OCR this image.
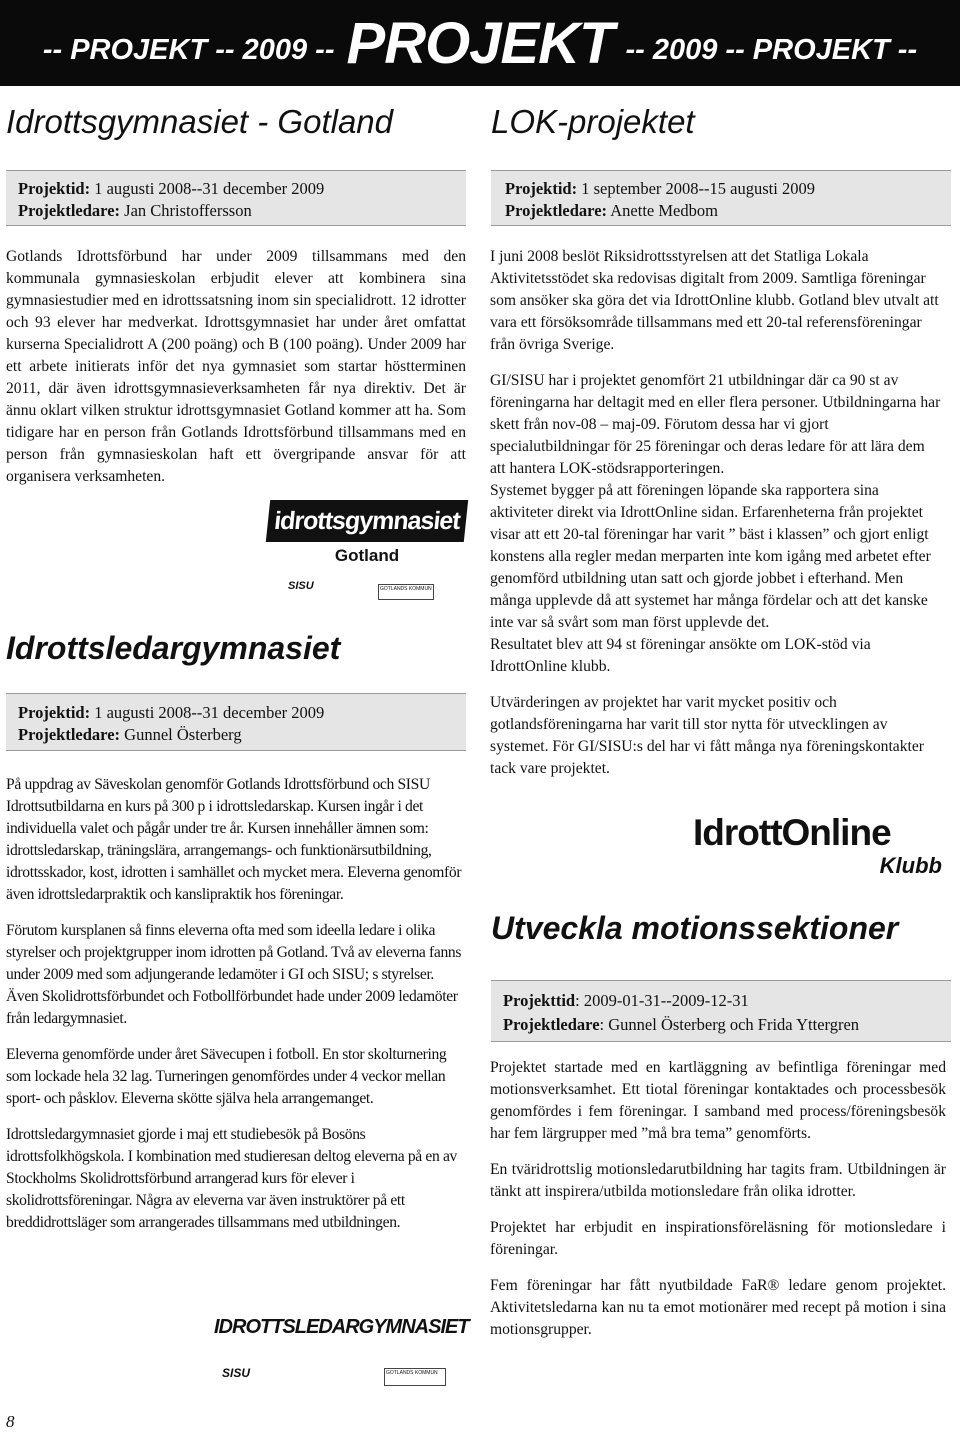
-- PROJEKT -- 2009 -- PROJEKT -- 2009 -- PROJEKT --
Idrottsgymnasiet - Gotland
Projektid: 1 augusti 2008--31 december 2009
Projektledare: Jan Christoffersson

Gotlands Idrottsförbund har under 2009 tillsammans med den kommunala gymnasieskolan erbjudit elever att kombinera sina gymnasiestudier med en idrottssatsning inom sin specialidrott. 12 idrotter och 93 elever har medverkat. Idrottsgymnasiet har under året omfattat kurserna Specialidrott A (200 poäng) och B (100 poäng). Under 2009 har ett arbete initierats inför det nya gymnasiet som startar höstterminen 2011, där även idrottsgymnasieverksamheten får nya direktiv. Det är ännu oklart vilken struktur idrottsgymnasiet Gotland kommer att ha. Som tidigare har en person från Gotlands Idrottsförbund tillsammans med en person från gymnasieskolan haft ett övergripande ansvar för att organisera verksamheten.

idrottsgymnasiet
Gotland
SISU	GOTLANDS KOMMUN
Idrottsledargymnasiet
Projektid: 1 augusti 2008--31 december 2009
Projektledare: Gunnel Österberg

På uppdrag av Säveskolan genomför Gotlands Idrottsförbund och SISU Idrottsutbildarna en kurs på 300 p i idrottsledarskap. Kursen ingår i det individuella valet och pågår under tre år. Kursen innehåller ämnen som: idrottsledarskap, träningslära, arrangemangs- och funktionärsutbildning, idrottsskador, kost, idrotten i samhället och mycket mera. Eleverna genomför även idrottsledarpraktik och kanslipraktik hos föreningar.

Förutom kursplanen så finns eleverna ofta med som ideella ledare i olika styrelser och projektgrupper inom idrotten på Gotland. Två av eleverna fanns under 2009 med som adjungerande ledamöter i GI och SISU; s styrelser. Även Skolidrottsförbundet och Fotbollförbundet hade under 2009 ledamöter från ledargymnasiet.

Eleverna genomförde under året Sävecupen i fotboll. En stor skolturnering som lockade hela 32 lag. Turneringen genomfördes under 4 veckor mellan sport- och påsklov. Eleverna skötte själva hela arrangemanget.

Idrottsledargymnasiet gjorde i maj ett studiebesök på Bosöns idrottsfolkhögskola. I kombination med studieresan deltog eleverna på en av Stockholms Skolidrottsförbund arrangerad kurs för elever i skolidrottsföreningar. Några av eleverna var även instruktörer på ett breddidrottsläger som arrangerades tillsammans med utbildningen.

IDROTTSLEDARGYMNASIET
SISU	GOTLANDS KOMMUN
LOK-projektet
Projektid: 1 september 2008--15 augusti 2009
Projektledare: Anette Medbom

I juni 2008 beslöt Riksidrottsstyrelsen att det Statliga Lokala Aktivitetsstödet ska redovisas digitalt from 2009. Samtliga föreningar som ansöker ska göra det via IdrottOnline klubb. Gotland blev utvalt att vara ett försöksområde tillsammans med ett 20-tal referensföreningar från övriga Sverige.

GI/SISU har i projektet genomfört 21 utbildningar där ca 90 st av föreningarna har deltagit med en eller flera personer. Utbildningarna har skett från nov-08 – maj-09. Förutom dessa har vi gjort specialutbildningar för 25 föreningar och deras ledare för att lära dem att hantera LOK-stödsrapporteringen.
Systemet bygger på att föreningen löpande ska rapportera sina aktiviteter direkt via IdrottOnline sidan. Erfarenheterna från projektet visar att ett 20-tal föreningar har varit ” bäst i klassen” och gjort enligt konstens alla regler medan merparten inte kom igång med arbetet efter genomförd utbildning utan satt och gjorde jobbet i efterhand. Men många upplevde då att systemet har många fördelar och att det kanske inte var så svårt som man först upplevde det.
Resultatet blev att 94 st föreningar ansökte om LOK-stöd via IdrottOnline klubb.

Utvärderingen av projektet har varit mycket positiv och gotlandsföreningarna har varit till stor nytta för utvecklingen av systemet. För GI/SISU:s del har vi fått många nya föreningskontakter tack vare projektet.

IdrottOnline
Klubb
Utveckla motionssektioner
Projekttid: 2009-01-31--2009-12-31
Projektledare: Gunnel Österberg och Frida Yttergren

Projektet startade med en kartläggning av befintliga föreningar med motionsverksamhet. Ett tiotal föreningar kontaktades och processbesök genomfördes i fem föreningar. I samband med process/föreningsbesök har fem lärgrupper med ”må bra tema” genomförts.

En tväridrottslig motionsledarutbildning har tagits fram. Utbildningen är tänkt att inspirera/utbilda motionsledare från olika idrotter.

Projektet har erbjudit en inspirationsföreläsning för motionsledare i föreningar.

Fem föreningar har fått nyutbildade FaR® ledare genom projektet. Aktivitetsledarna kan nu ta emot motionärer med recept på motion i sina motionsgrupper.

8
